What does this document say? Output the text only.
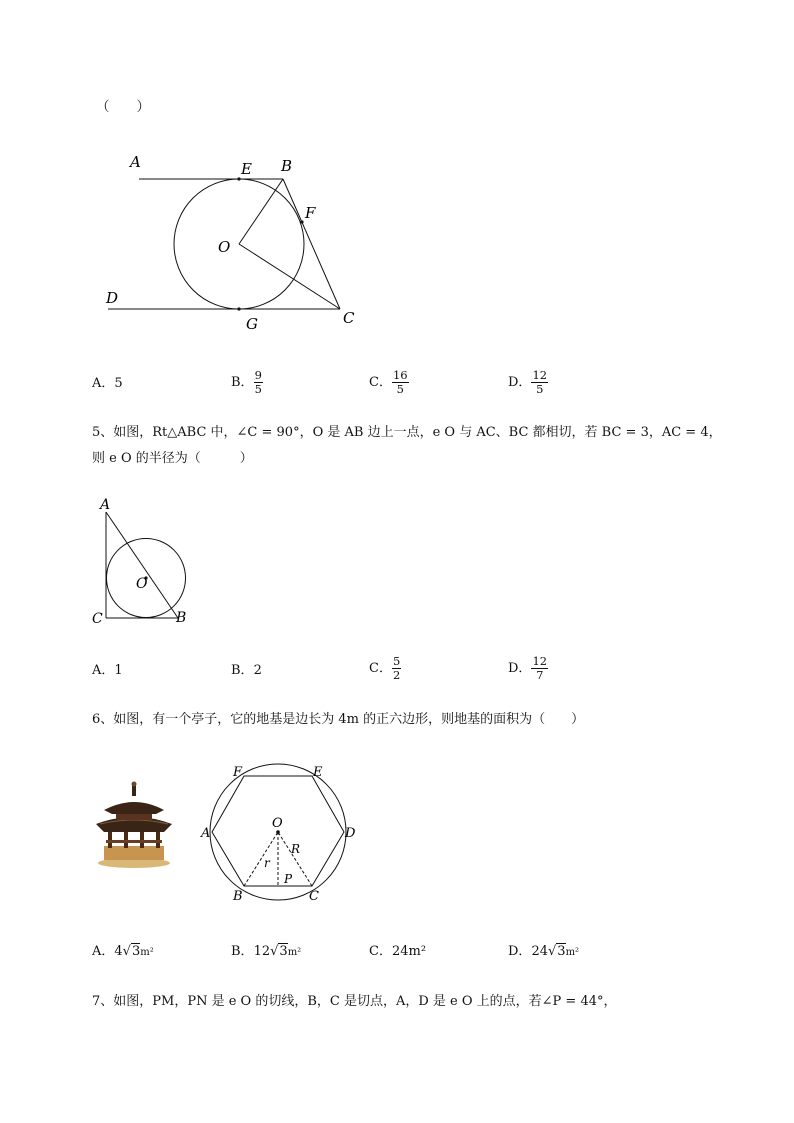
（　　）
A	E B
F
O
D
G	C
A．5	B． $\frac{9}{5}$	C． $\frac{16}{5}$	D． $\frac{12}{5}$
5、如图，Rt△ABC 中，∠C = 90°，O 是 AB 边上一点，e O 与 AC、BC 都相切，若 BC = 3，AC = 4，
则 e O 的半径为（　　　）
A
O
C	B
A．1	B．2	C． $\frac{5}{2}$	D． $\frac{12}{7}$
6、如图，有一个亭子，它的地基是边长为 4m 的正六边形，则地基的面积为（　　）
F	E
A
O
D
R
r
P
B	C
A．4√3m²	B．12√3m²	C．24m²	D．24√3m²
7、如图，PM，PN 是 e O 的切线，B，C 是切点，A，D 是 e O 上的点，若∠P = 44°，
